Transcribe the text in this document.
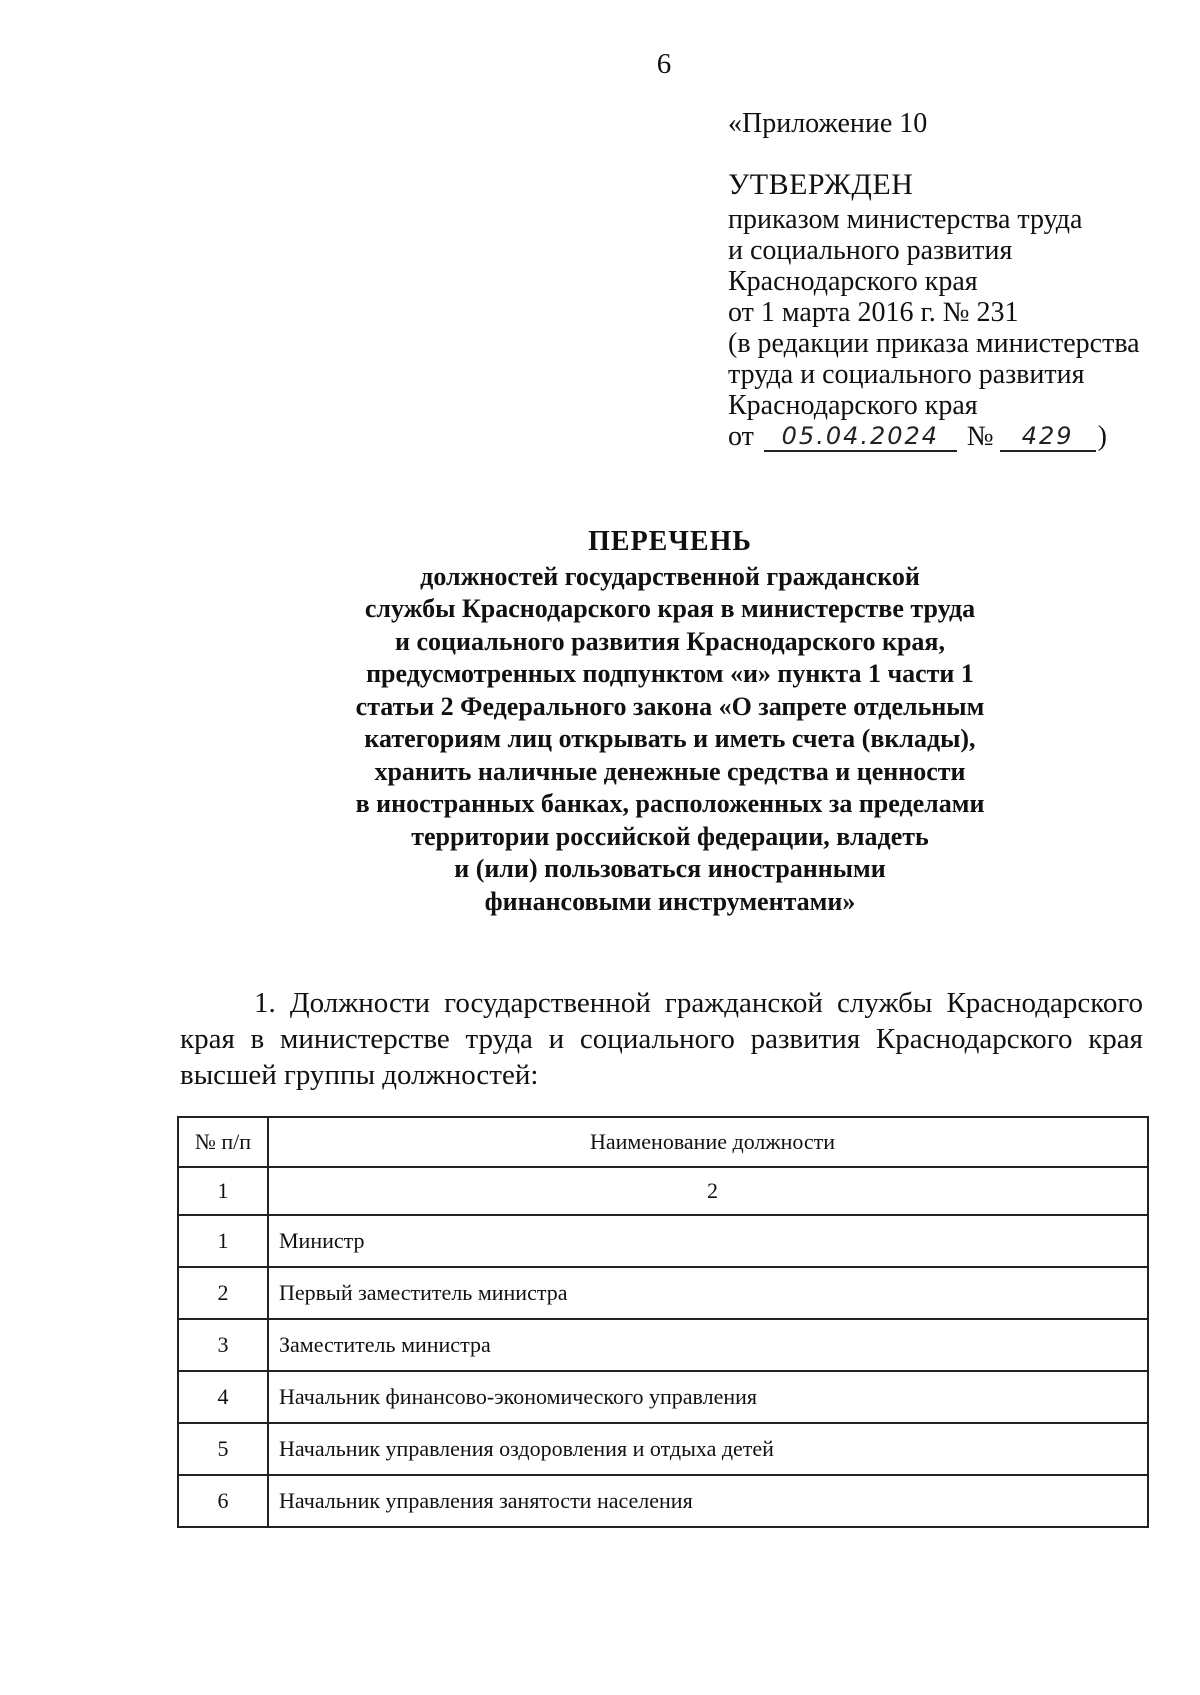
6
«Приложение 10
УТВЕРЖДЕН
приказом министерства труда
и социального развития
Краснодарского края
от 1 марта 2016 г. № 231
(в редакции приказа министерства
труда и социального развития
Краснодарского края
от	05.04.2024 №	429 )
ПЕРЕЧЕНЬ
должностей государственной гражданской
службы Краснодарского края в министерстве труда
и социального развития Краснодарского края,
предусмотренных подпунктом «и» пункта 1 части 1
статьи 2 Федерального закона «О запрете отдельным
категориям лиц открывать и иметь счета (вклады),
хранить наличные денежные средства и ценности
в иностранных банках, расположенных за пределами
территории российской федерации, владеть
и (или) пользоваться иностранными
финансовыми инструментами»
1. Должности государственной гражданской службы Краснодарского края в министерстве труда и социального развития Краснодарского края высшей группы должностей:
№ п/п	Наименование должности
1	2
1	Министр
2	Первый заместитель министра
3	Заместитель министра
4	Начальник финансово-экономического управления
5	Начальник управления оздоровления и отдыха детей
6	Начальник управления занятости населения
